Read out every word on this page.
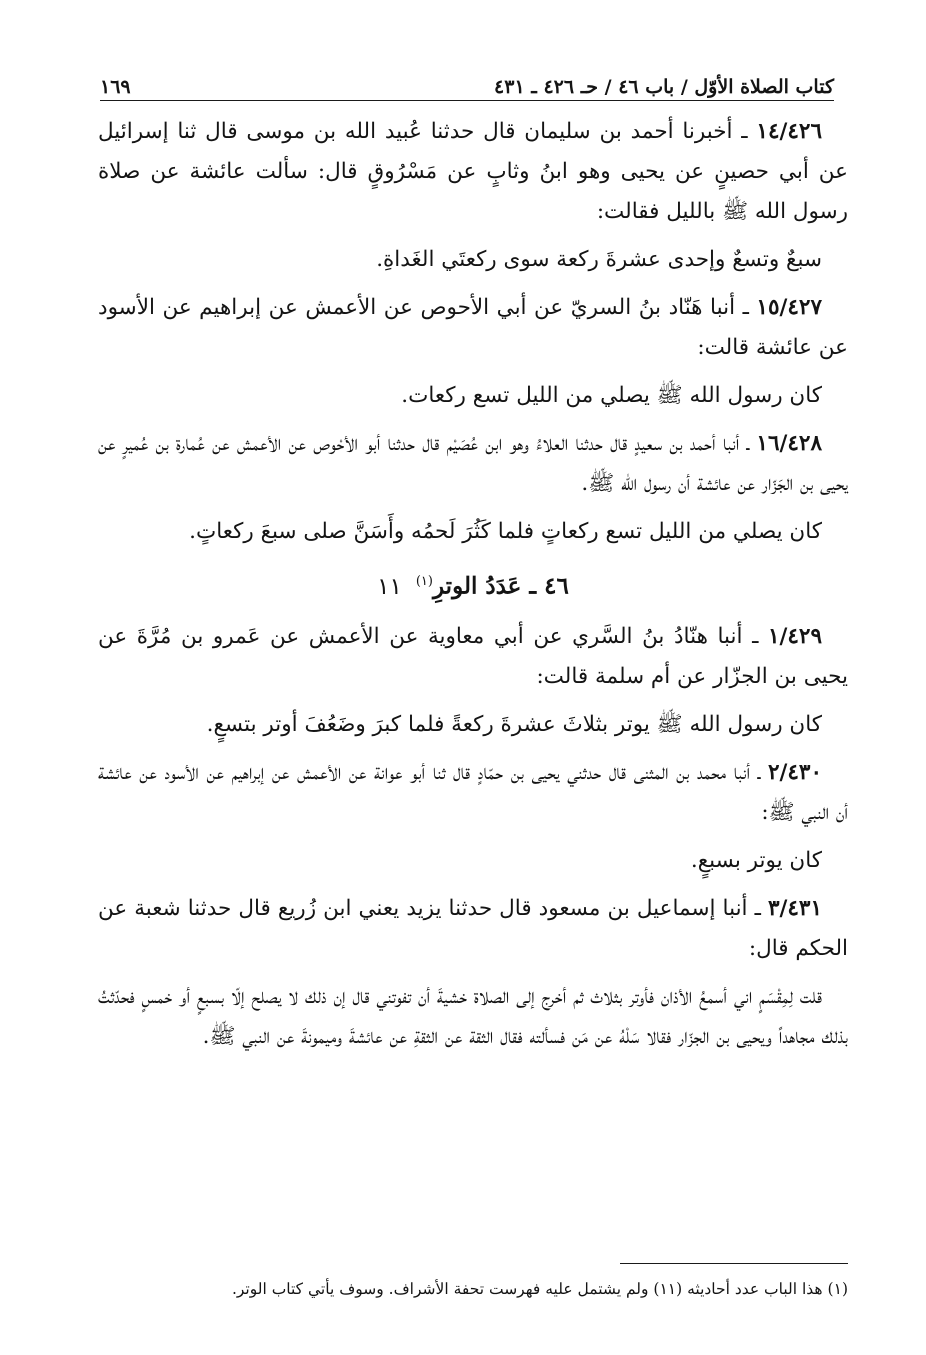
كتاب الصلاة الأوّل / باب ٤٦ / حـ ٤٢٦ ـ ٤٣١
١٦٩

١٤/٤٢٦ ـ أخبرنا أحمد بن سليمان قال حدثنا عُبيد الله بن موسى قال ثنا إسرائيل عن أبي حصينٍ عن يحيى وهو ابنُ وثابٍ عن مَسْرُوقٍ قال: سألت عائشة عن صلاة رسول الله ﷺ بالليل فقالت:

سبعٌ وتسعٌ وإحدى عشرةَ ركعة سوى ركعتَي الغَداةِ.

١٥/٤٢٧ ـ أنبا هَنّاد بنُ السريّ عن أبي الأحوص عن الأعمش عن إبراهيم عن الأسود عن عائشة قالت:

كان رسول الله ﷺ يصلي من الليل تسع ركعات.

١٦/٤٢٨ ـ أنبا أحمد بن سعيدٍ قال حدثنا العلاءُ وهو ابن عُصَيْم قال حدثنا أبو الأحْوص عن الأعمش عن عُمارة بن عُميرٍ عن يحيى بن الجَزّار عن عائشة أن رسول الله ﷺ.

كان يصلي من الليل تسع ركعاتٍ فلما كَثُرَ لَحمُه وأَسَنَّ صلى سبعَ ركعاتٍ.

٤٦ ـ عَدَدُ الوترِ$^{(١)}$ ١١

١/٤٢٩ ـ أنبا هنّادُ بنُ السَّري عن أبي معاوية عن الأعمش عن عَمرو بن مُرَّةَ عن يحيى بن الجزّار عن أم سلمة قالت:

كان رسول الله ﷺ يوتر بثلاثَ عشرةَ ركعةً فلما كبرَ وضَعُفَ أوتر بتسعٍ.

٢/٤٣٠ ـ أنبا محمد بن المثنى قال حدثني يحيى بن حمّادٍ قال ثنا أبو عوانة عن الأعمش عن إبراهيم عن الأسود عن عائشة أن النبي ﷺ:

كان يوتر بسبعٍ.

٣/٤٣١ ـ أنبا إسماعيل بن مسعود قال حدثنا يزيد يعني ابن زُريع قال حدثنا شعبة عن الحكم قال:

قلت لِمِقْسَمٍ اني أسمعُ الأذان فأوتر بثلاث ثم أخرج إلى الصلاة خشيةَ أن تفوتني قال إن ذلك لا يصلح إلّا بسبعٍ أو خمسٍ فحدّثتُ بذلك مجاهداً ويحيى بن الجزّار فقالا سَلْهُ عن مَن فسألته فقال الثقة عن الثقةِ عن عائشةَ وميمونةَ عن النبي ﷺ.

(١) هذا الباب عدد أحاديثه (١١) ولم يشتمل عليه فهرست تحفة الأشراف. وسوف يأتي كتاب الوتر.
